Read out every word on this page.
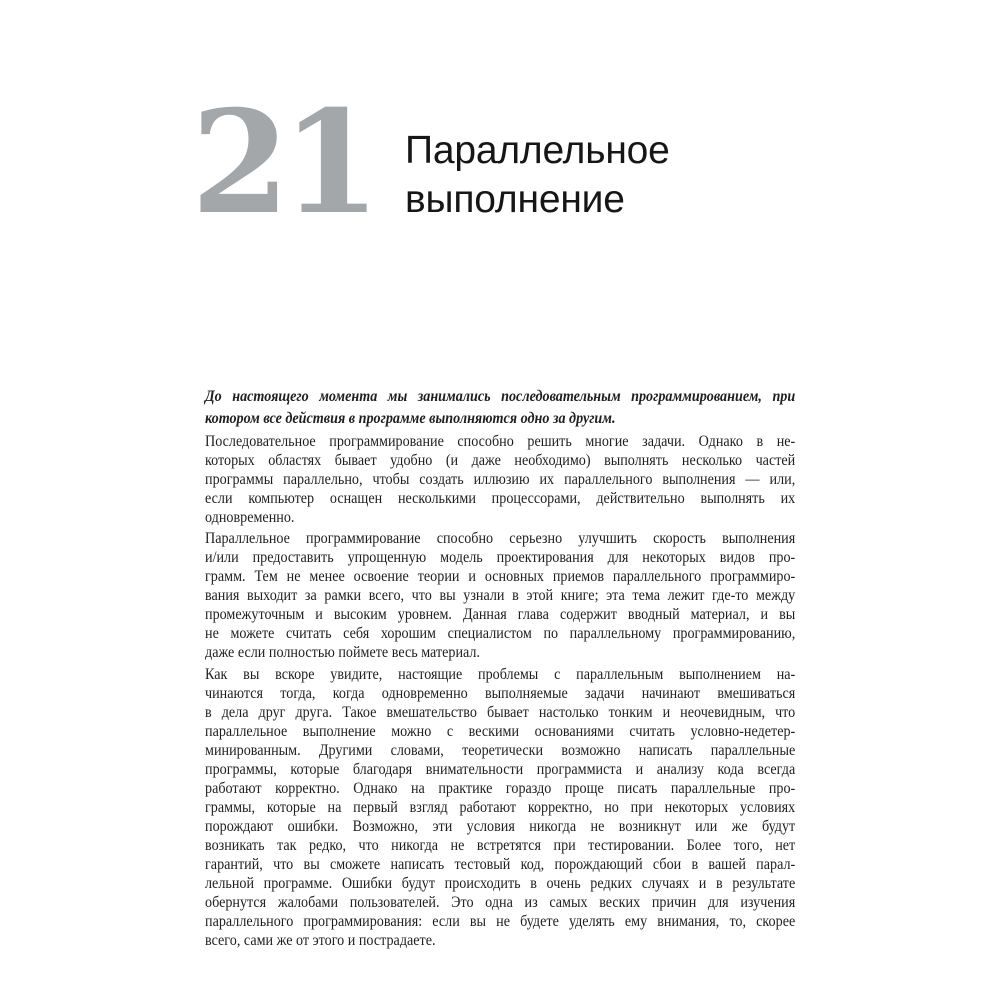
21 Параллельное
выполнение
До настоящего момента мы занимались последовательным программированием, при
котором все действия в программе выполняются одно за другим.
Последовательное программирование способно решить многие задачи. Однако в не-
которых областях бывает удобно (и даже необходимо) выполнять несколько частей
программы параллельно, чтобы создать иллюзию их параллельного выполнения — или,
если компьютер оснащен несколькими процессорами, действительно выполнять их
одновременно.
Параллельное программирование способно серьезно улучшить скорость выполнения
и/или предоставить упрощенную модель проектирования для некоторых видов про-
грамм. Тем не менее освоение теории и основных приемов параллельного программиро-
вания выходит за рамки всего, что вы узнали в этой книге; эта тема лежит где-то между
промежуточным и высоким уровнем. Данная глава содержит вводный материал, и вы
не можете считать себя хорошим специалистом по параллельному программированию,
даже если полностью поймете весь материал.
Как вы вскоре увидите, настоящие проблемы с параллельным выполнением на-
чинаются тогда, когда одновременно выполняемые задачи начинают вмешиваться
в дела друг друга. Такое вмешательство бывает настолько тонким и неочевидным, что
параллельное выполнение можно с вескими основаниями считать условно-недетер-
минированным. Другими словами, теоретически возможно написать параллельные
программы, которые благодаря внимательности программиста и анализу кода всегда
работают корректно. Однако на практике гораздо проще писать параллельные про-
граммы, которые на первый взгляд работают корректно, но при некоторых условиях
порождают ошибки. Возможно, эти условия никогда не возникнут или же будут
возникать так редко, что никогда не встретятся при тестировании. Более того, нет
гарантий, что вы сможете написать тестовый код, порождающий сбои в вашей парал-
лельной программе. Ошибки будут происходить в очень редких случаях и в результате
обернутся жалобами пользователей. Это одна из самых веских причин для изучения
параллельного программирования: если вы не будете уделять ему внимания, то, скорее
всего, сами же от этого и пострадаете.
